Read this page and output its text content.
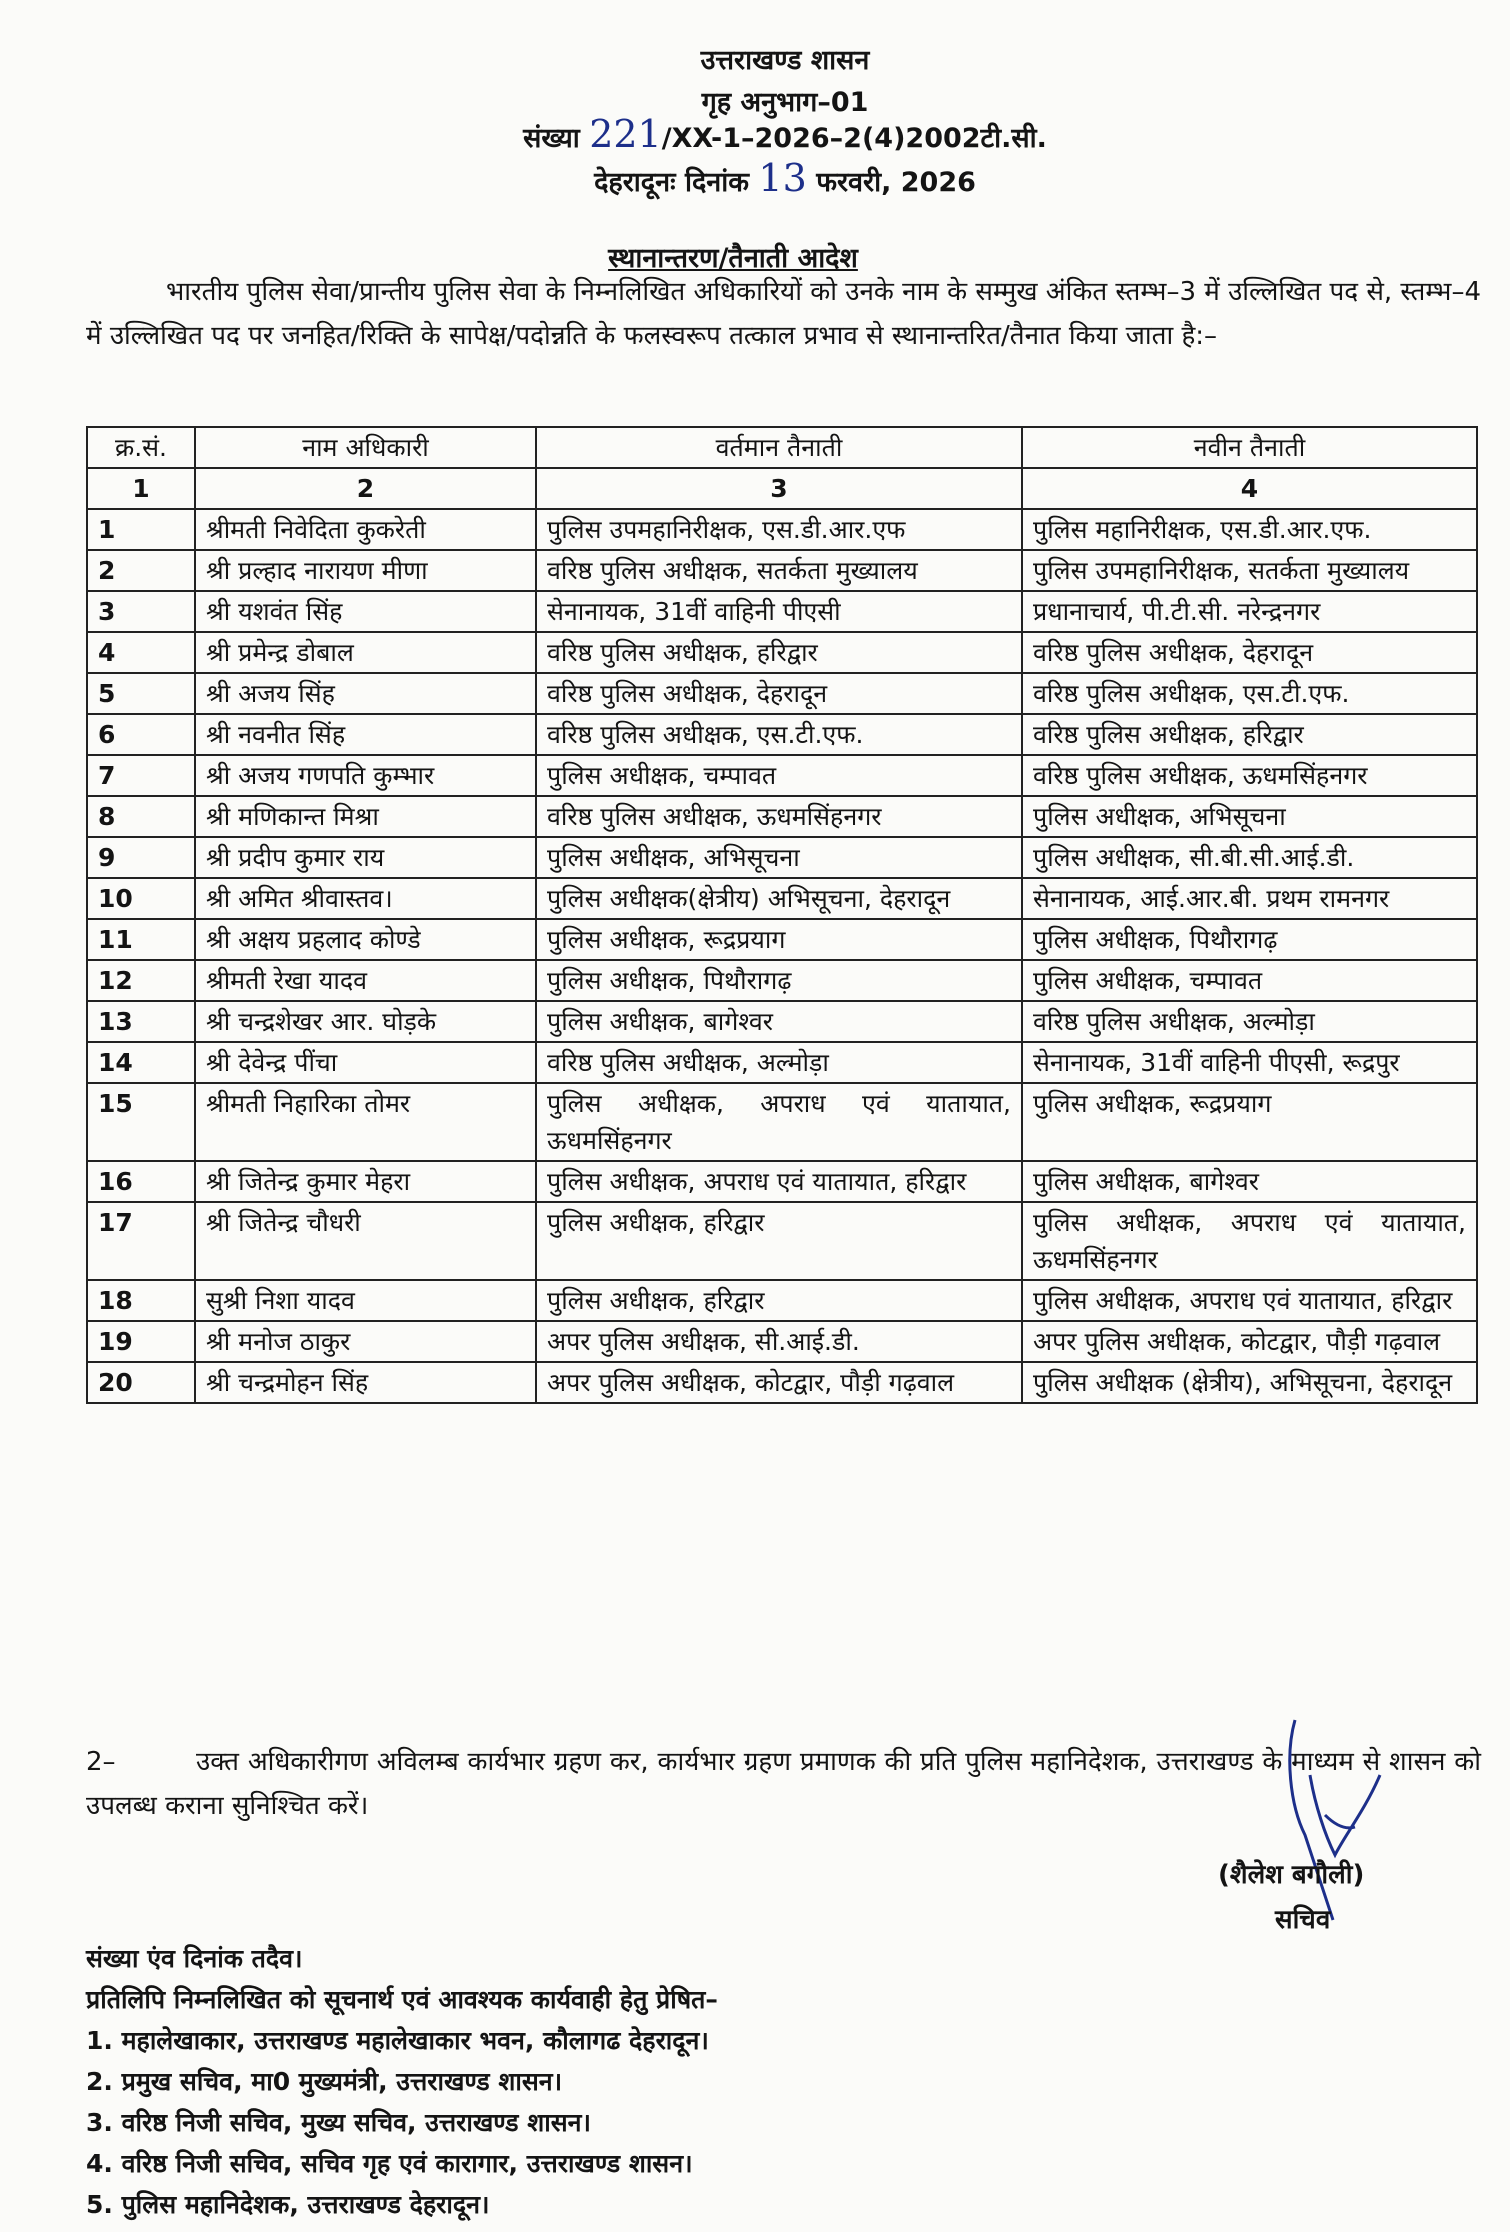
उत्तराखण्ड शासन
गृह अनुभाग–01
संख्या 221/XX-1–2026–2(4)2002टी.सी.
देहरादूनः दिनांक 13 फरवरी, 2026
स्थानान्तरण/तैनाती आदेश
भारतीय पुलिस सेवा/प्रान्तीय पुलिस सेवा के निम्नलिखित अधिकारियों को उनके नाम के सम्मुख अंकित स्तम्भ–3 में उल्लिखित पद से, स्तम्भ–4 में उल्लिखित पद पर जनहित/रिक्ति के सापेक्ष/पदोन्नति के फलस्वरूप तत्काल प्रभाव से स्थानान्तरित/तैनात किया जाता है:–
क्र.सं.	नाम अधिकारी	वर्तमान तैनाती	नवीन तैनाती
1	2	3	4
1	श्रीमती निवेदिता कुकरेती	पुलिस उपमहानिरीक्षक, एस.डी.आर.एफ	पुलिस महानिरीक्षक, एस.डी.आर.एफ.
2	श्री प्रल्हाद नारायण मीणा	वरिष्ठ पुलिस अधीक्षक, सतर्कता मुख्यालय	पुलिस उपमहानिरीक्षक, सतर्कता मुख्यालय
3	श्री यशवंत सिंह	सेनानायक, 31वीं वाहिनी पीएसी	प्रधानाचार्य, पी.टी.सी. नरेन्द्रनगर
4	श्री प्रमेन्द्र डोबाल	वरिष्ठ पुलिस अधीक्षक, हरिद्वार	वरिष्ठ पुलिस अधीक्षक, देहरादून
5	श्री अजय सिंह	वरिष्ठ पुलिस अधीक्षक, देहरादून	वरिष्ठ पुलिस अधीक्षक, एस.टी.एफ.
6	श्री नवनीत सिंह	वरिष्ठ पुलिस अधीक्षक, एस.टी.एफ.	वरिष्ठ पुलिस अधीक्षक, हरिद्वार
7	श्री अजय गणपति कुम्भार	पुलिस अधीक्षक, चम्पावत	वरिष्ठ पुलिस अधीक्षक, ऊधमसिंहनगर
8	श्री मणिकान्त मिश्रा	वरिष्ठ पुलिस अधीक्षक, ऊधमसिंहनगर	पुलिस अधीक्षक, अभिसूचना
9	श्री प्रदीप कुमार राय	पुलिस अधीक्षक, अभिसूचना	पुलिस अधीक्षक, सी.बी.सी.आई.डी.
10	श्री अमित श्रीवास्तव।	पुलिस अधीक्षक(क्षेत्रीय) अभिसूचना, देहरादून	सेनानायक, आई.आर.बी. प्रथम रामनगर
11	श्री अक्षय प्रहलाद कोण्डे	पुलिस अधीक्षक, रूद्रप्रयाग	पुलिस अधीक्षक, पिथौरागढ़
12	श्रीमती रेखा यादव	पुलिस अधीक्षक, पिथौरागढ़	पुलिस अधीक्षक, चम्पावत
13	श्री चन्द्रशेखर आर. घोड़के	पुलिस अधीक्षक, बागेश्वर	वरिष्ठ पुलिस अधीक्षक, अल्मोड़ा
14	श्री देवेन्द्र पींचा	वरिष्ठ पुलिस अधीक्षक, अल्मोड़ा	सेनानायक, 31वीं वाहिनी पीएसी, रूद्रपुर
15	श्रीमती निहारिका तोमर	पुलिस अधीक्षक, अपराध एवं यातायात, ऊधमसिंहनगर	पुलिस अधीक्षक, रूद्रप्रयाग
16	श्री जितेन्द्र कुमार मेहरा	पुलिस अधीक्षक, अपराध एवं यातायात, हरिद्वार	पुलिस अधीक्षक, बागेश्वर
17	श्री जितेन्द्र चौधरी	पुलिस अधीक्षक, हरिद्वार	पुलिस अधीक्षक, अपराध एवं यातायात, ऊधमसिंहनगर
18	सुश्री निशा यादव	पुलिस अधीक्षक, हरिद्वार	पुलिस अधीक्षक, अपराध एवं यातायात, हरिद्वार
19	श्री मनोज ठाकुर	अपर पुलिस अधीक्षक, सी.आई.डी.	अपर पुलिस अधीक्षक, कोटद्वार, पौड़ी गढ़वाल
20	श्री चन्द्रमोहन सिंह	अपर पुलिस अधीक्षक, कोटद्वार, पौड़ी गढ़वाल	पुलिस अधीक्षक (क्षेत्रीय), अभिसूचना, देहरादून
2–	उक्त अधिकारीगण अविलम्ब कार्यभार ग्रहण कर, कार्यभार ग्रहण प्रमाणक की प्रति पुलिस महानिदेशक, उत्तराखण्ड के माध्यम से शासन को उपलब्ध कराना सुनिश्चित करें।
(शैलेश बगौली)
सचिव
संख्या एंव दिनांक तदैव।
प्रतिलिपि निम्नलिखित को सूचनार्थ एवं आवश्यक कार्यवाही हेतु प्रेषित–
1. महालेखाकार, उत्तराखण्ड महालेखाकार भवन, कौलागढ देहरादून।
2. प्रमुख सचिव, मा0 मुख्यमंत्री, उत्तराखण्ड शासन।
3. वरिष्ठ निजी सचिव, मुख्य सचिव, उत्तराखण्ड शासन।
4. वरिष्ठ निजी सचिव, सचिव गृह एवं कारागार, उत्तराखण्ड शासन।
5. पुलिस महानिदेशक, उत्तराखण्ड देहरादून।
